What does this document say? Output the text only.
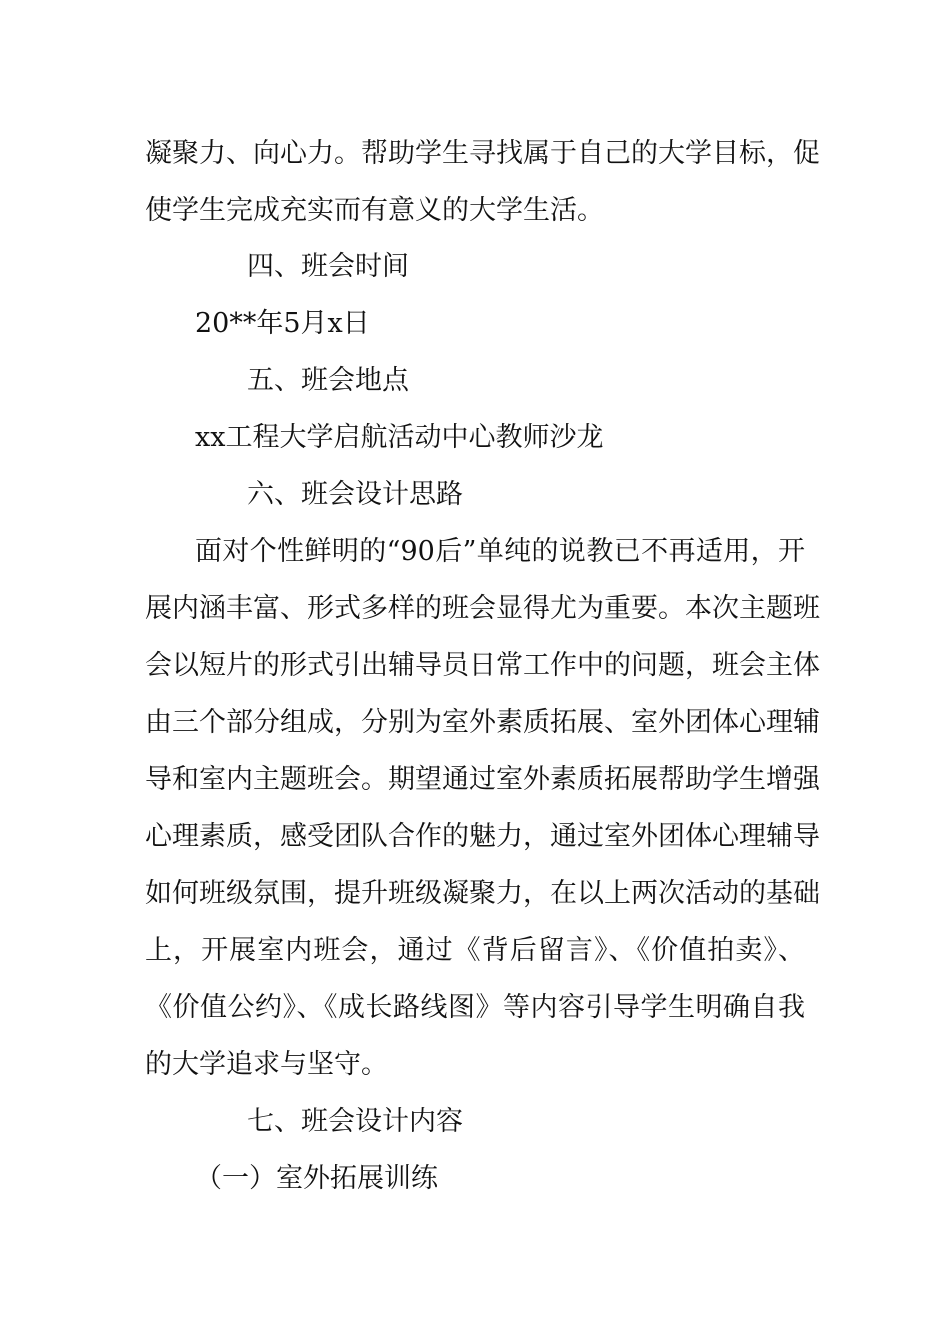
凝聚力、向心力。帮助学生寻找属于自己的大学目标，促
使学生完成充实而有意义的大学生活。
四、班会时间
20**年5月x日
五、班会地点
xx工程大学启航活动中心教师沙龙
六、班会设计思路
面对个性鲜明的“90后”单纯的说教已不再适用，开
展内涵丰富、形式多样的班会显得尤为重要。本次主题班
会以短片的形式引出辅导员日常工作中的问题，班会主体
由三个部分组成，分别为室外素质拓展、室外团体心理辅
导和室内主题班会。期望通过室外素质拓展帮助学生增强
心理素质，感受团队合作的魅力，通过室外团体心理辅导
如何班级氛围，提升班级凝聚力，在以上两次活动的基础
上，开展室内班会，通过《背后留言》、《价值拍卖》、
《价值公约》、《成长路线图》等内容引导学生明确自我
的大学追求与坚守。
七、班会设计内容
（一）室外拓展训练
